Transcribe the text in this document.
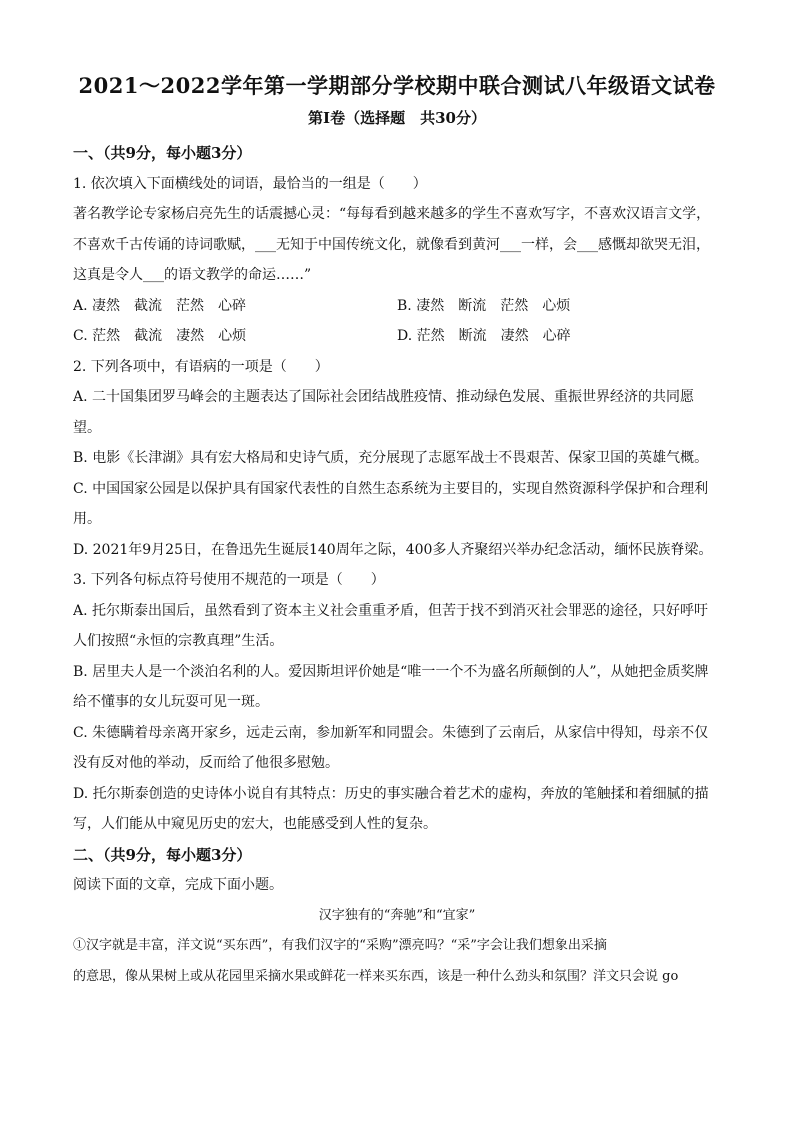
2021～2022学年第一学期部分学校期中联合测试八年级语文试卷
第Ⅰ卷（选择题　共30分）
一、（共9分，每小题3分）
1. 依次填入下面横线处的词语，最恰当的一组是（　　）
著名教学论专家杨启亮先生的话震撼心灵：“每每看到越来越多的学生不喜欢写字，不喜欢汉语言文学，
不喜欢千古传诵的诗词歌赋，___无知于中国传统文化，就像看到黄河___一样，会___感慨却欲哭无泪，
这真是令人___的语文教学的命运……”
A. 凄然　截流　茫然　心碎	B. 凄然　断流　茫然　心烦
C. 茫然　截流　凄然　心烦	D. 茫然　断流　凄然　心碎
2. 下列各项中，有语病的一项是（　　）
A. 二十国集团罗马峰会的主题表达了国际社会团结战胜疫情、推动绿色发展、重振世界经济的共同愿
望。
B. 电影《长津湖》具有宏大格局和史诗气质，充分展现了志愿军战士不畏艰苦、保家卫国的英雄气概。
C. 中国国家公园是以保护具有国家代表性的自然生态系统为主要目的，实现自然资源科学保护和合理利
用。
D. 2021年9月25日，在鲁迅先生诞辰140周年之际，400多人齐聚绍兴举办纪念活动，缅怀民族脊梁。
3. 下列各句标点符号使用不规范的一项是（　　）
A. 托尔斯泰出国后，虽然看到了资本主义社会重重矛盾，但苦于找不到消灭社会罪恶的途径，只好呼吁
人们按照“永恒的宗教真理”生活。
B. 居里夫人是一个淡泊名利的人。爱因斯坦评价她是“唯一一个不为盛名所颠倒的人”，从她把金质奖牌
给不懂事的女儿玩耍可见一斑。
C. 朱德瞒着母亲离开家乡，远走云南，参加新军和同盟会。朱德到了云南后，从家信中得知，母亲不仅
没有反对他的举动，反而给了他很多慰勉。
D. 托尔斯泰创造的史诗体小说自有其特点：历史的事实融合着艺术的虚构，奔放的笔触揉和着细腻的描
写，人们能从中窥见历史的宏大，也能感受到人性的复杂。
二、（共9分，每小题3分）
阅读下面的文章，完成下面小题。
汉字独有的“奔驰”和“宜家”
①汉字就是丰富，洋文说“买东西”，有我们汉字的“采购”漂亮吗？“采”字会让我们想象出采摘
的意思，像从果树上或从花园里采摘水果或鲜花一样来买东西，该是一种什么劲头和氛围？洋文只会说 go
